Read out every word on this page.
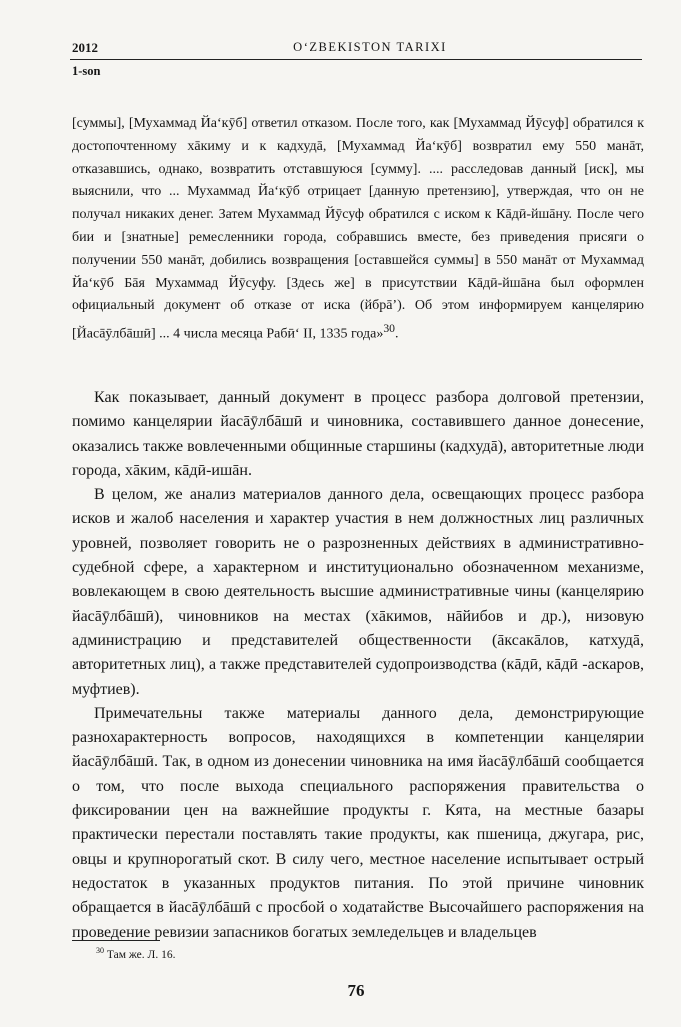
2012	O‘ZBEKISTON TARIXI
1-son

[суммы], [Мухаммад Йа‘кӯб] ответил отказом. После того, как [Мухаммад Йӯсуф] обратился к достопочтенному хāкиму и к кадхудā, [Мухаммад Йа‘кӯб] возвратил ему 550 манāт, отказавшись, однако, возвратить отставшуюся [сумму]. .... расследовав данный [иск], мы выяснили, что ... Мухаммад Йа‘кӯб отрицает [данную претензию], утверждая, что он не получал никаких денег. Затем Мухаммад Йӯсуф обратился с иском к Кāдӣ-йшāну. После чего бии и [знатные] ремесленники города, собравшись вместе, без приведения присяги о получении 550 манāт, добились возвращения [оставшейся суммы] в 550 манāт от Мухаммад Йа‘кӯб Бāя Мухаммад Йӯсуфу. [Здесь же] в присутствии Кāдӣ-йшāна был оформлен официальный документ об отказе от иска (йбрā’). Об этом информируем канцелярию [Йасāӯлбāшӣ] ... 4 числа месяца Рабӣ‘ II, 1335 года»$^{30}$.

Как показывает, данный документ в процесс разбора долговой претензии, помимо канцелярии йасāӯлбāшӣ и чиновника, составившего данное донесение, оказались также вовлеченными общинные старшины (кадхудā), авторитетные люди города, хāким, кāдӣ-ишāн.

В целом, же анализ материалов данного дела, освещающих процесс разбора исков и жалоб населения и характер участия в нем должностных лиц различных уровней, позволяет говорить не о разрозненных действиях в административно-судебной сфере, а характерном и институционально обозначенном механизме, вовлекающем в свою деятельность высшие административные чины (канцелярию йасāӯлбāшӣ), чиновников на местах (хāкимов, нāйибов и др.), низовую администрацию и представителей общественности (āксакāлов, катхудā, авторитетных лиц), а также представителей судопроизводства (кāдӣ, кāдӣ -аскаров, муфтиев).

Примечательны также материалы данного дела, демонстрирующие разнохарактерность вопросов, находящихся в компетенции канцелярии йасāӯлбāшӣ. Так, в одном из донесении чиновника на имя йасāӯлбāшӣ сообщается о том, что после выхода специального распоряжения правительства о фиксировании цен на важнейшие продукты г. Кята, на местные базары практически перестали поставлять такие продукты, как пшеница, джугара, рис, овцы и крупнорогатый скот. В силу чего, местное население испытывает острый недостаток в указанных продуктов питания. По этой причине чиновник обращается в йасāӯлбāшӣ с просбой о ходатайстве Высочайшего распоряжения на проведение ревизии запасников богатых земледельцев и владельцев

$^{30}$ Там же. Л. 16.
76
